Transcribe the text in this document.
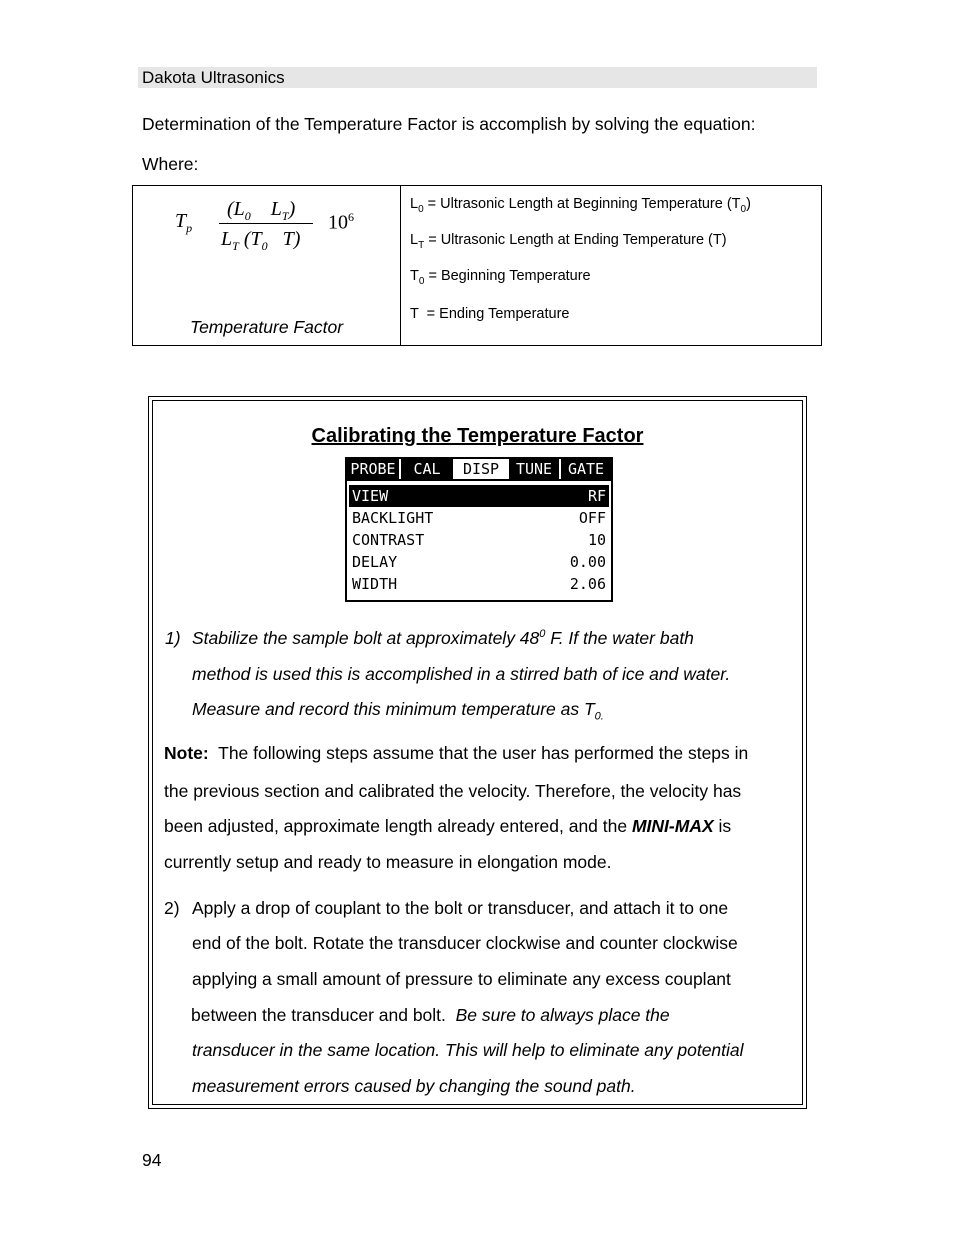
Dakota Ultrasonics
Determination of the Temperature Factor is accomplish by solving the equation:
Where:
$T_p$
($L_0$ $L_T$)
$L_T$ ($T_0$ T)
$10^6$
Temperature Factor
$L_0$ = Ultrasonic Length at Beginning Temperature $(T_0)$
$L_T$ = Ultrasonic Length at Ending Temperature (T)
$T_0$ = Beginning Temperature
T  = Ending Temperature
Calibrating the Temperature Factor
PROBE	CAL	DISP	TUNE	GATE
VIEW	RF
BACKLIGHT	OFF
CONTRAST	10
DELAY	0.00
WIDTH	2.06
1) Stabilize the sample bolt at approximately $48^0$ F. If the water bath
method is used this is accomplished in a stirred bath of ice and water.
Measure and record this minimum temperature as $T_{0.}$
Note:  The following steps assume that the user has performed the steps in
the previous section and calibrated the velocity. Therefore, the velocity has
been adjusted, approximate length already entered, and the MINI-MAX is
currently setup and ready to measure in elongation mode.
2) Apply a drop of couplant to the bolt or transducer, and attach it to one
end of the bolt. Rotate the transducer clockwise and counter clockwise
applying a small amount of pressure to eliminate any excess couplant
between the transducer and bolt.  Be sure to always place the
transducer in the same location. This will help to eliminate any potential
measurement errors caused by changing the sound path.
94
